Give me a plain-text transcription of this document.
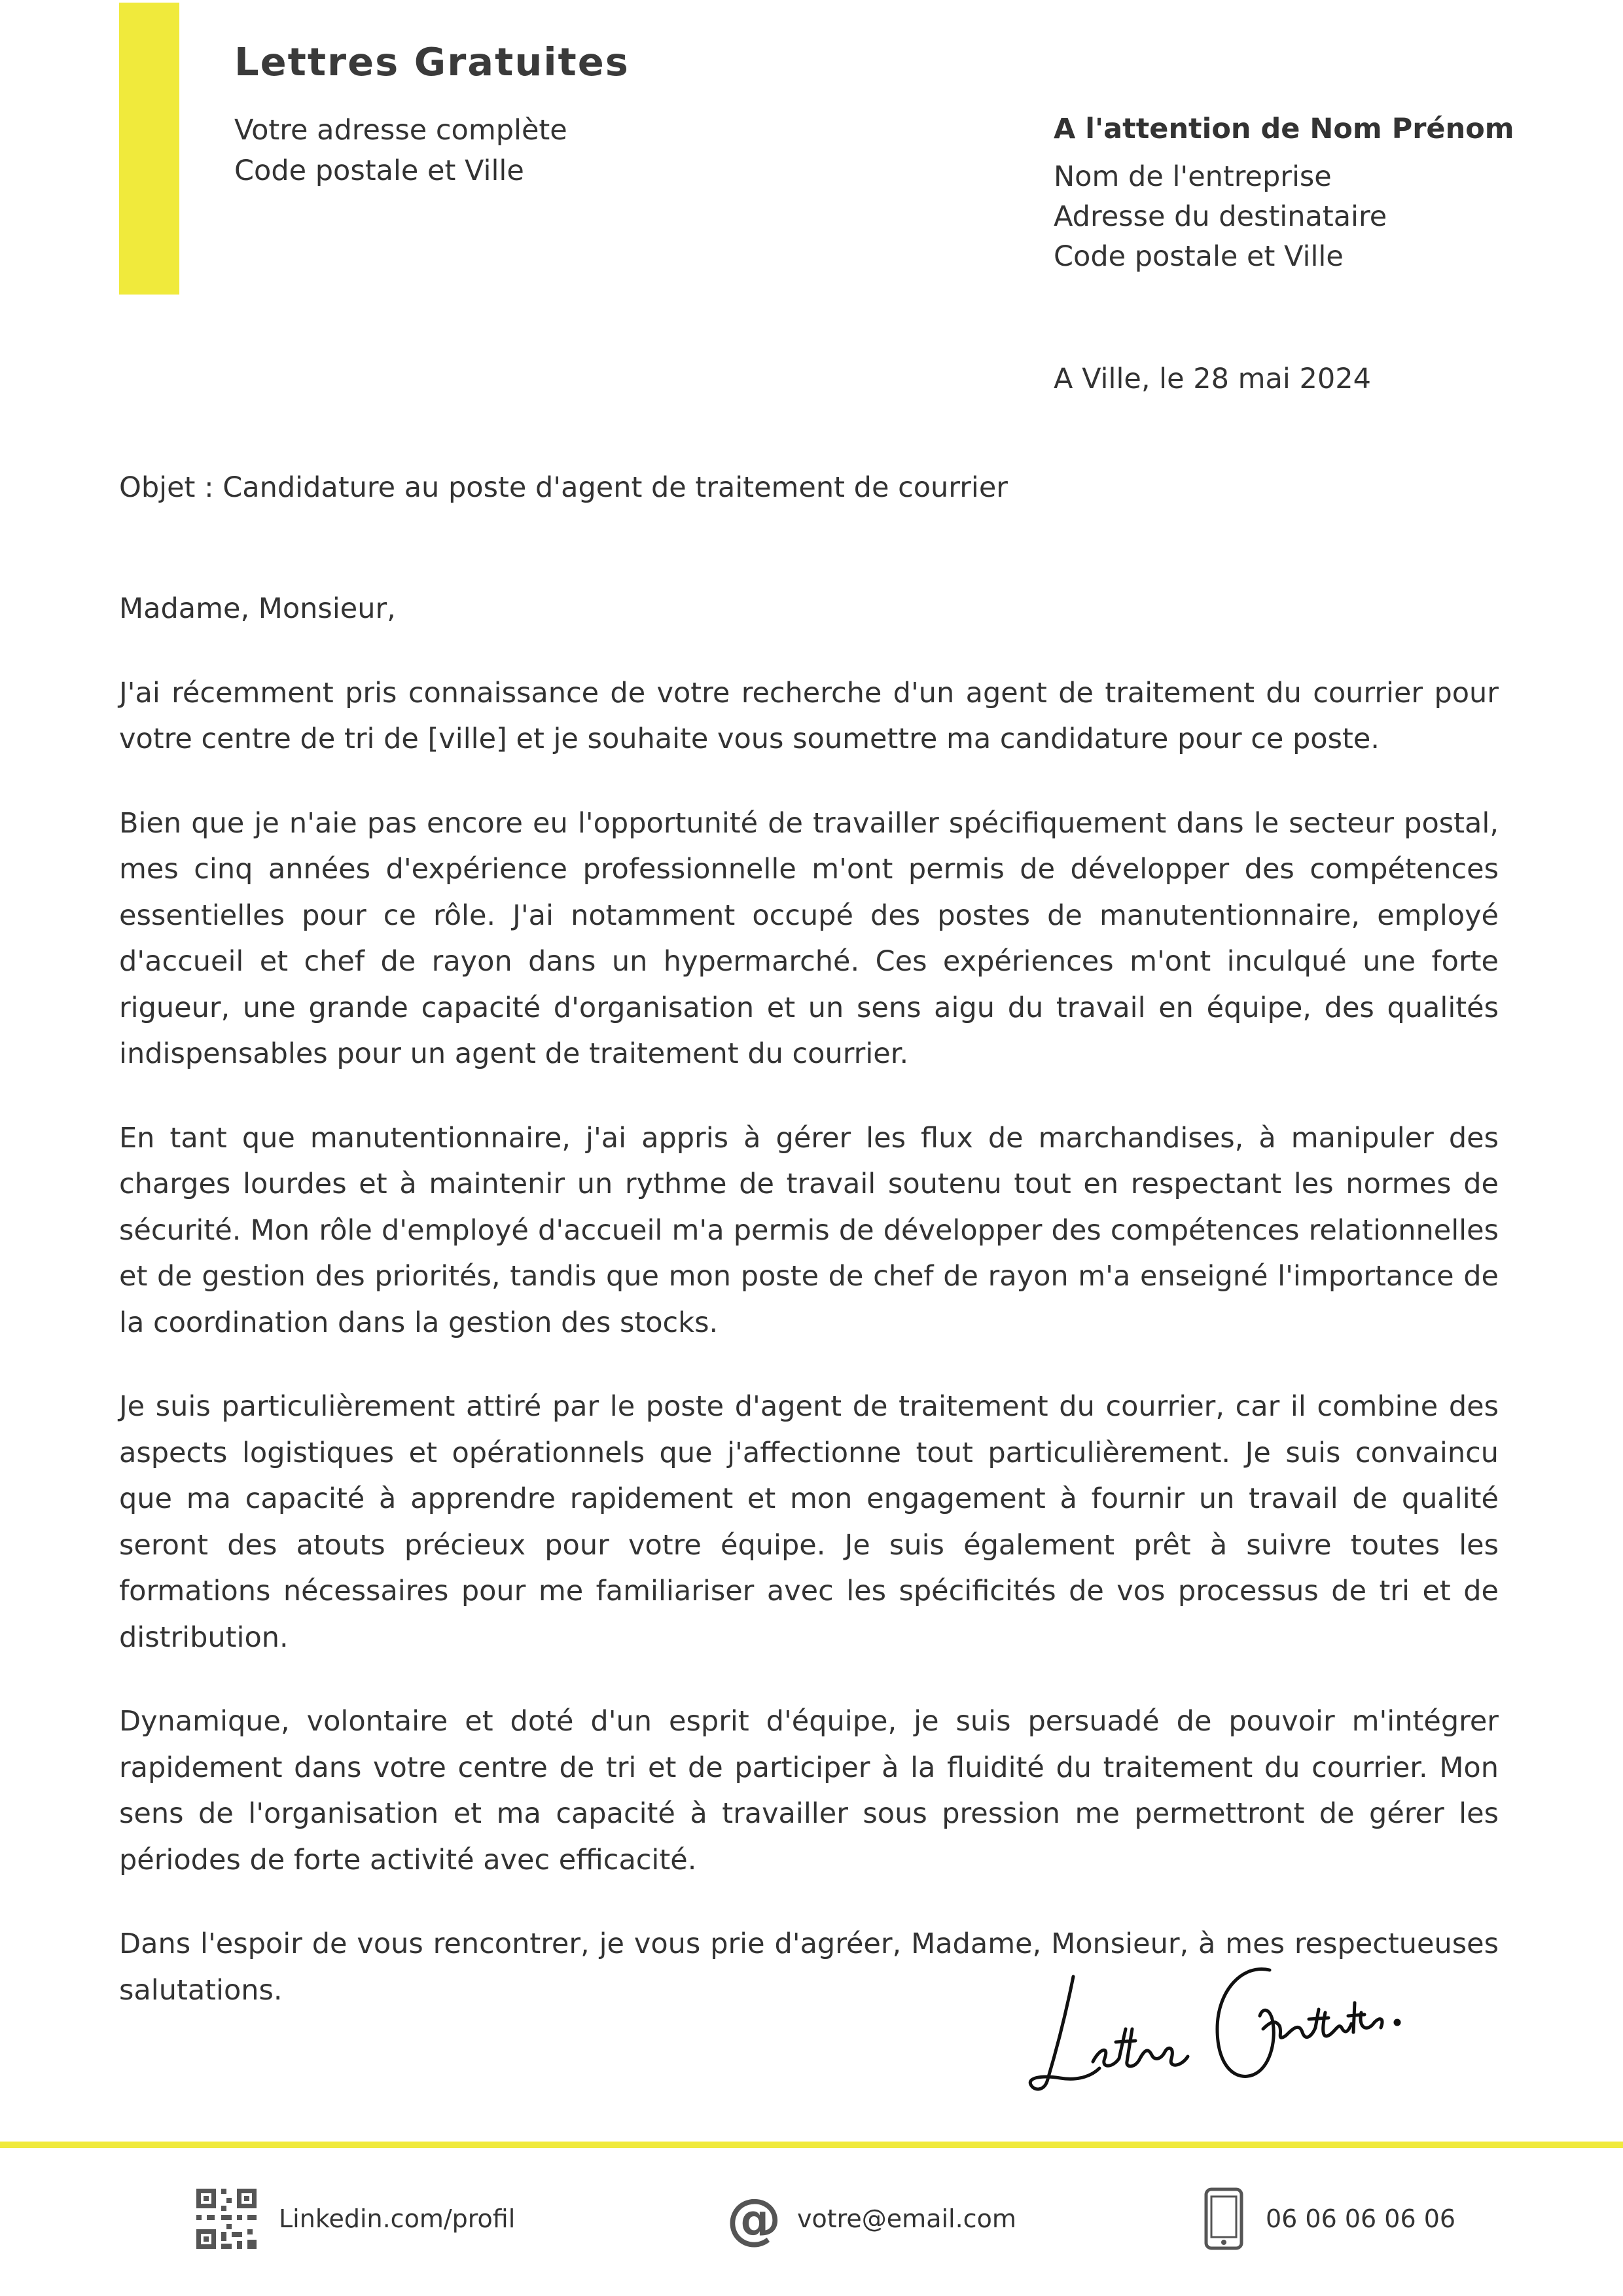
Lettres Gratuites
Votre adresse complète
Code postale et Ville
A l'attention de Nom Prénom
Nom de l'entreprise
Adresse du destinataire
Code postale et Ville
A Ville, le 28 mai 2024
Objet : Candidature au poste d'agent de traitement de courrier

Madame, Monsieur,

J'ai récemment pris connaissance de votre recherche d'un agent de traitement du courrier pour votre centre de tri de [ville] et je souhaite vous soumettre ma candidature pour ce poste.

Bien que je n'aie pas encore eu l'opportunité de travailler spécifiquement dans le secteur postal, mes cinq années d'expérience professionnelle m'ont permis de développer des compétences essentielles pour ce rôle. J'ai notamment occupé des postes de manutentionnaire, employé d'accueil et chef de rayon dans un hypermarché. Ces expériences m'ont inculqué une forte rigueur, une grande capacité d'organisation et un sens aigu du travail en équipe, des qualités indispensables pour un agent de traitement du courrier.

En tant que manutentionnaire, j'ai appris à gérer les flux de marchandises, à manipuler des charges lourdes et à maintenir un rythme de travail soutenu tout en respectant les normes de sécurité. Mon rôle d'employé d'accueil m'a permis de développer des compétences relationnelles et de gestion des priorités, tandis que mon poste de chef de rayon m'a enseigné l'importance de la coordination dans la gestion des stocks.

Je suis particulièrement attiré par le poste d'agent de traitement du courrier, car il combine des aspects logistiques et opérationnels que j'affectionne tout particulièrement. Je suis convaincu que ma capacité à apprendre rapidement et mon engagement à fournir un travail de qualité seront des atouts précieux pour votre équipe. Je suis également prêt à suivre toutes les formations nécessaires pour me familiariser avec les spécificités de vos processus de tri et de distribution.

Dynamique, volontaire et doté d'un esprit d'équipe, je suis persuadé de pouvoir m'intégrer rapidement dans votre centre de tri et de participer à la fluidité du traitement du courrier. Mon sens de l'organisation et ma capacité à travailler sous pression me permettront de gérer les périodes de forte activité avec efficacité.

Dans l'espoir de vous rencontrer, je vous prie d'agréer, Madame, Monsieur, à mes respectueuses salutations.

Linkedin.com/profil	@ votre@email.com	06 06 06 06 06
